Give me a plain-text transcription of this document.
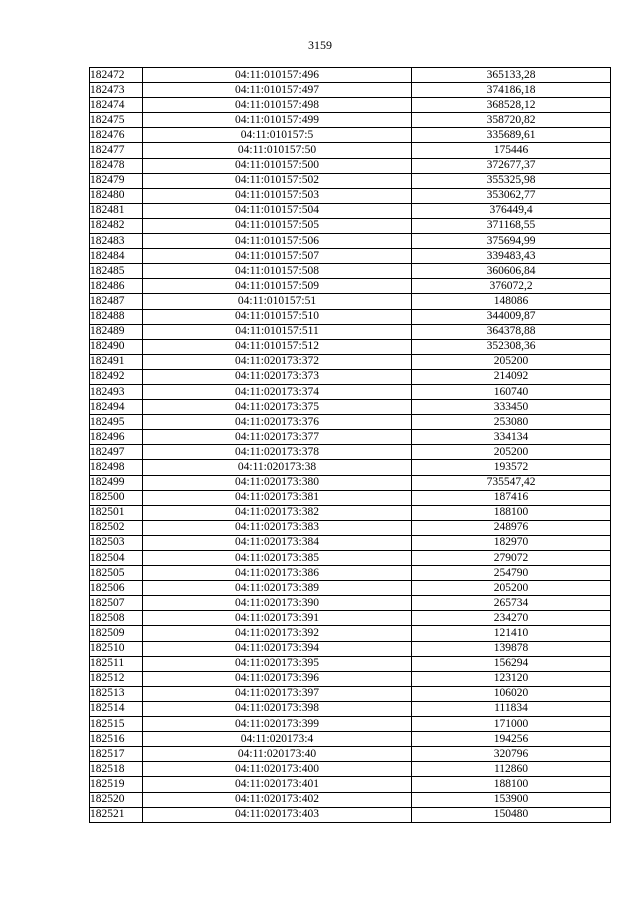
3159
182472	04:11:010157:496	365133,28
182473	04:11:010157:497	374186,18
182474	04:11:010157:498	368528,12
182475	04:11:010157:499	358720,82
182476	04:11:010157:5	335689,61
182477	04:11:010157:50	175446
182478	04:11:010157:500	372677,37
182479	04:11:010157:502	355325,98
182480	04:11:010157:503	353062,77
182481	04:11:010157:504	376449,4
182482	04:11:010157:505	371168,55
182483	04:11:010157:506	375694,99
182484	04:11:010157:507	339483,43
182485	04:11:010157:508	360606,84
182486	04:11:010157:509	376072,2
182487	04:11:010157:51	148086
182488	04:11:010157:510	344009,87
182489	04:11:010157:511	364378,88
182490	04:11:010157:512	352308,36
182491	04:11:020173:372	205200
182492	04:11:020173:373	214092
182493	04:11:020173:374	160740
182494	04:11:020173:375	333450
182495	04:11:020173:376	253080
182496	04:11:020173:377	334134
182497	04:11:020173:378	205200
182498	04:11:020173:38	193572
182499	04:11:020173:380	735547,42
182500	04:11:020173:381	187416
182501	04:11:020173:382	188100
182502	04:11:020173:383	248976
182503	04:11:020173:384	182970
182504	04:11:020173:385	279072
182505	04:11:020173:386	254790
182506	04:11:020173:389	205200
182507	04:11:020173:390	265734
182508	04:11:020173:391	234270
182509	04:11:020173:392	121410
182510	04:11:020173:394	139878
182511	04:11:020173:395	156294
182512	04:11:020173:396	123120
182513	04:11:020173:397	106020
182514	04:11:020173:398	111834
182515	04:11:020173:399	171000
182516	04:11:020173:4	194256
182517	04:11:020173:40	320796
182518	04:11:020173:400	112860
182519	04:11:020173:401	188100
182520	04:11:020173:402	153900
182521	04:11:020173:403	150480
